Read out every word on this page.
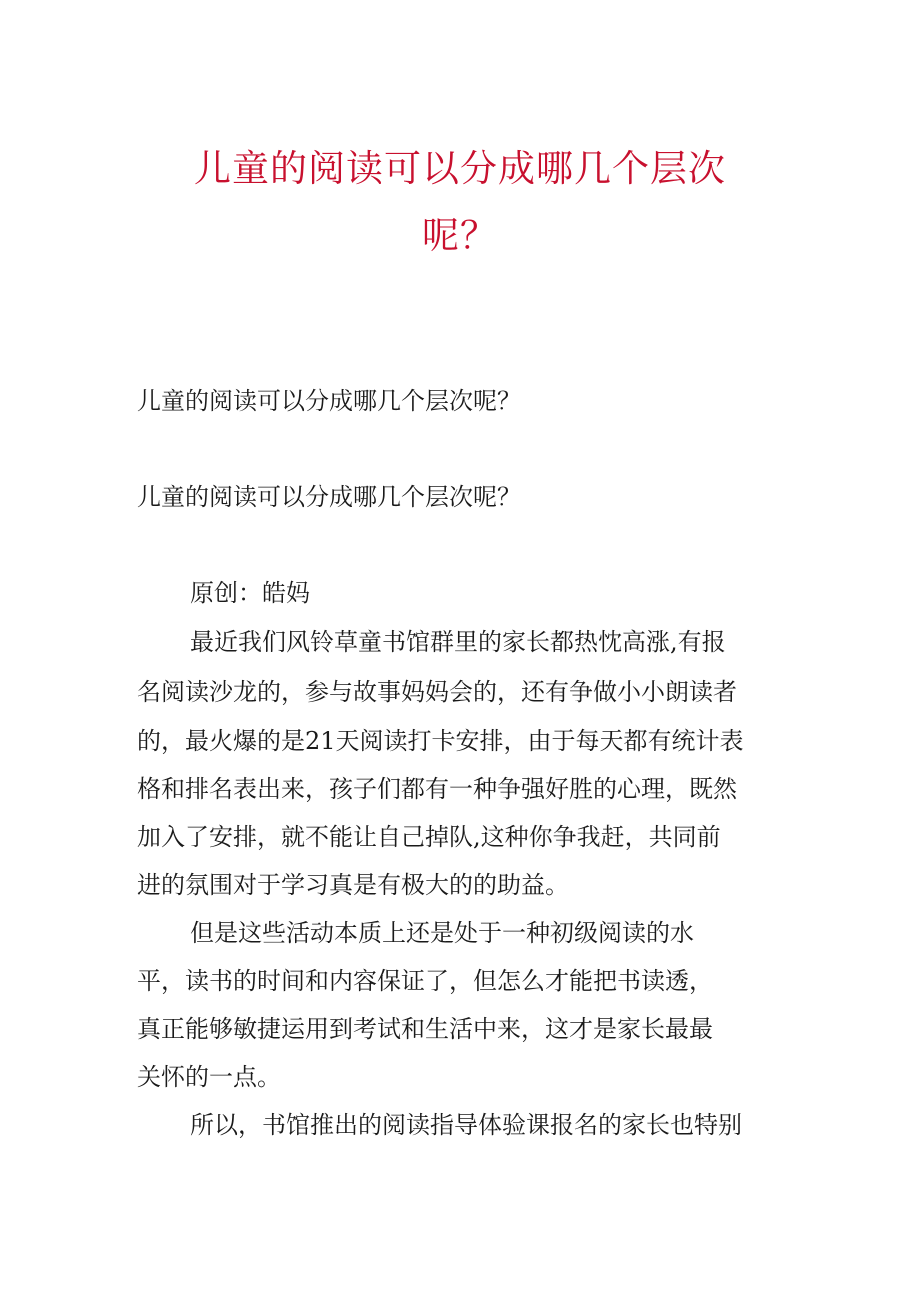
儿童的阅读可以分成哪几个层次
呢？

儿童的阅读可以分成哪几个层次呢？

儿童的阅读可以分成哪几个层次呢？

原创：皓妈

最近我们风铃草童书馆群里的家长都热忱高涨,有报

名阅读沙龙的，参与故事妈妈会的，还有争做小小朗读者

的，最火爆的是21天阅读打卡安排，由于每天都有统计表

格和排名表出来，孩子们都有一种争强好胜的心理，既然

加入了安排，就不能让自己掉队,这种你争我赶，共同前

进的氛围对于学习真是有极大的的助益。

但是这些活动本质上还是处于一种初级阅读的水

平，读书的时间和内容保证了，但怎么才能把书读透，

真正能够敏捷运用到考试和生活中来，这才是家长最最

关怀的一点。

所以，书馆推出的阅读指导体验课报名的家长也特别
